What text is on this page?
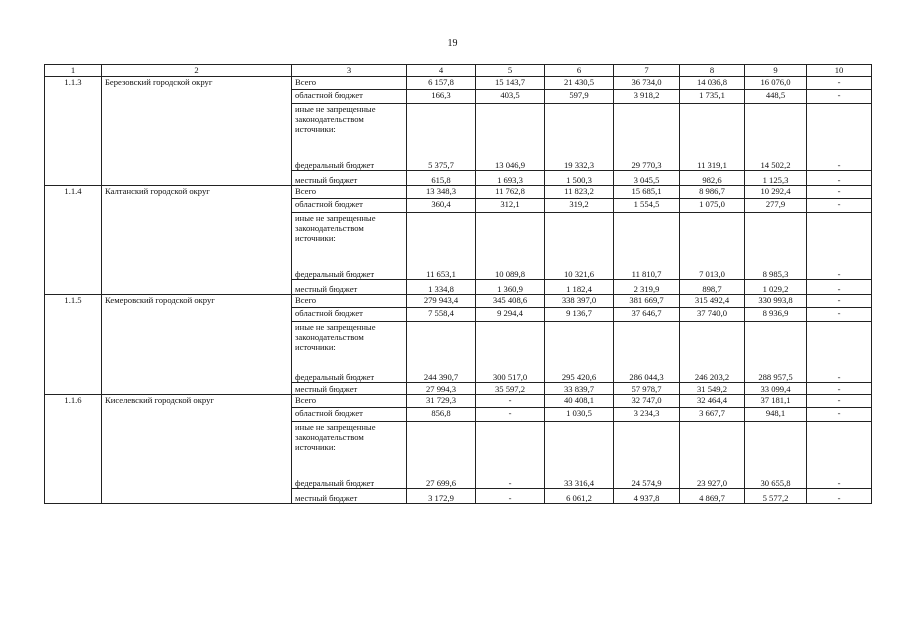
19
1	2	3	4	5	6	7	8	9	10
1.1.3	Березовский городской округ	Всего	6 157,8	15 143,7	21 430,5	36 734,0	14 036,8	16 076,0	-
		областной бюджет	166,3	403,5	597,9	3 918,2	1 735,1	448,5	-
		иные не запрещенные законодательством источники:							
		федеральный бюджет	5 375,7	13 046,9	19 332,3	29 770,3	11 319,1	14 502,2	-
		местный бюджет	615,8	1 693,3	1 500,3	3 045,5	982,6	1 125,3	-
1.1.4	Калтанский городской округ	Всего	13 348,3	11 762,8	11 823,2	15 685,1	8 986,7	10 292,4	-
		областной бюджет	360,4	312,1	319,2	1 554,5	1 075,0	277,9	-
		иные не запрещенные законодательством источники:							
		федеральный бюджет	11 653,1	10 089,8	10 321,6	11 810,7	7 013,0	8 985,3	-
		местный бюджет	1 334,8	1 360,9	1 182,4	2 319,9	898,7	1 029,2	-
1.1.5	Кемеровский городской округ	Всего	279 943,4	345 408,6	338 397,0	381 669,7	315 492,4	330 993,8	-
		областной бюджет	7 558,4	9 294,4	9 136,7	37 646,7	37 740,0	8 936,9	-
		иные не запрещенные законодательством источники:							
		федеральный бюджет	244 390,7	300 517,0	295 420,6	286 044,3	246 203,2	288 957,5	-
		местный бюджет	27 994,3	35 597,2	33 839,7	57 978,7	31 549,2	33 099,4	-
1.1.6	Киселевский городской округ	Всего	31 729,3	-	40 408,1	32 747,0	32 464,4	37 181,1	-
		областной бюджет	856,8	-	1 030,5	3 234,3	3 667,7	948,1	-
		иные не запрещенные законодательством источники:							
		федеральный бюджет	27 699,6	-	33 316,4	24 574,9	23 927,0	30 655,8	-
		местный бюджет	3 172,9	-	6 061,2	4 937,8	4 869,7	5 577,2	-
